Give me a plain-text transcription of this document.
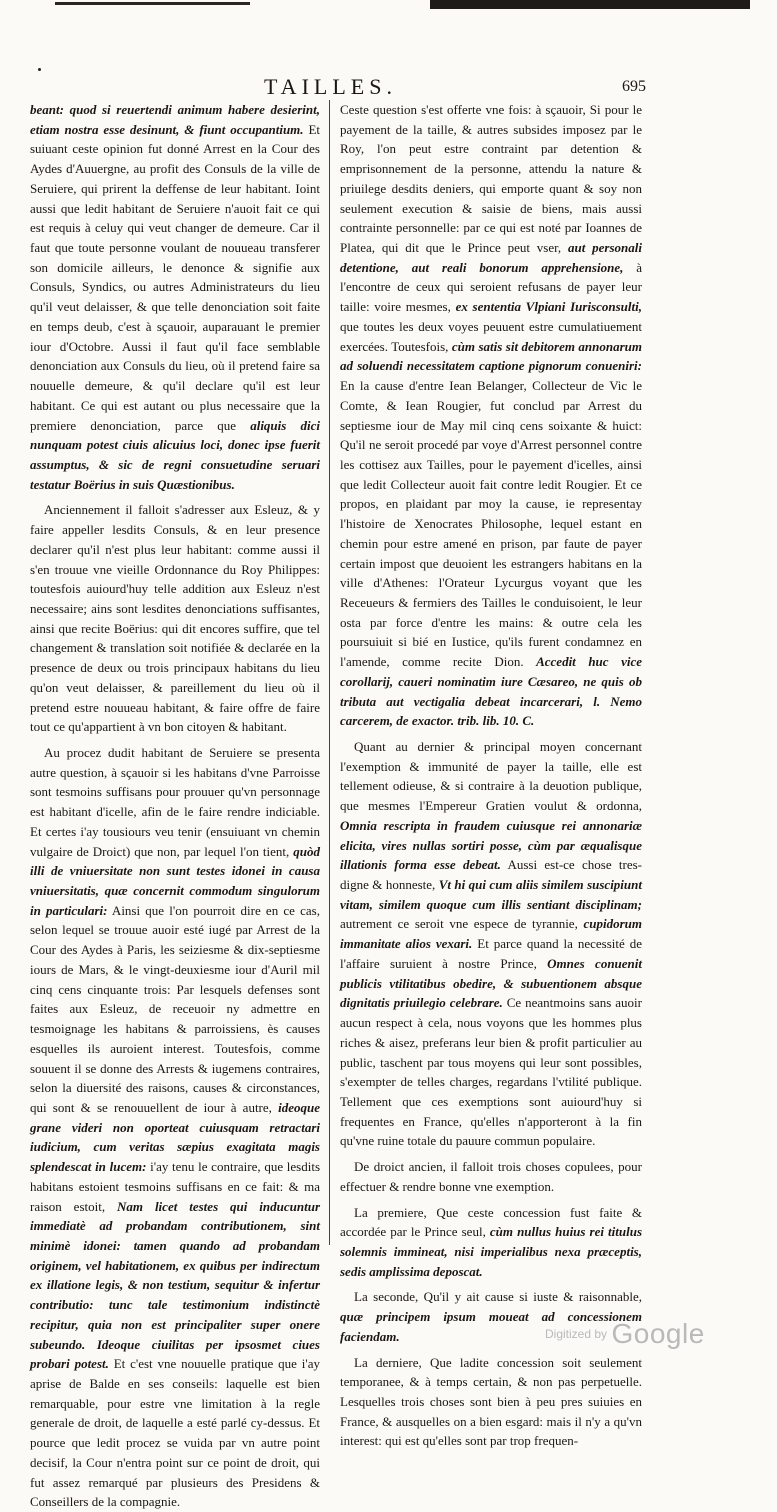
TAILLES.	695

beant: quod si reuertendi animum habere desierint, etiam nostra esse desinunt, & fiunt occupantium. Et suiuant ceste opinion fut donné Arrest en la Cour des Aydes d'Auuergne, au profit des Consuls de la ville de Seruiere, qui prirent la deffense de leur habitant. Ioint aussi que ledit habitant de Seruiere n'auoit fait ce qui est requis à celuy qui veut changer de demeure. Car il faut que toute personne voulant de nouueau transferer son domicile ailleurs, le denonce & signifie aux Consuls, Syndics, ou autres Administrateurs du lieu qu'il veut delaisser, & que telle denonciation soit faite en temps deub, c'est à sçauoir, auparauant le premier iour d'Octobre. Aussi il faut qu'il face semblable denonciation aux Consuls du lieu, où il pretend faire sa nouuelle demeure, & qu'il declare qu'il est leur habitant. Ce qui est autant ou plus necessaire que la premiere denonciation, parce que aliquis dici nunquam potest ciuis alicuius loci, donec ipse fuerit assumptus, & sic de regni consuetudine seruari testatur Boërius in suis Quæstionibus.

Anciennement il falloit s'adresser aux Esleuz, & y faire appeller lesdits Consuls, & en leur presence declarer qu'il n'est plus leur habitant: comme aussi il s'en trouue vne vieille Ordonnance du Roy Philippes: toutesfois auiourd'huy telle addition aux Esleuz n'est necessaire; ains sont lesdites denonciations suffisantes, ainsi que recite Boërius: qui dit encores suffire, que tel changement & translation soit notifiée & declarée en la presence de deux ou trois principaux habitans du lieu qu'on veut delaisser, & pareillement du lieu où il pretend estre nouueau habitant, & faire offre de faire tout ce qu'appartient à vn bon citoyen & habitant.

Au procez dudit habitant de Seruiere se presenta autre question, à sçauoir si les habitans d'vne Parroisse sont tesmoins suffisans pour prouuer qu'vn personnage est habitant d'icelle, afin de le faire rendre indiciable. Et certes i'ay tousiours veu tenir (ensuiuant vn chemin vulgaire de Droict) que non, par lequel l'on tient, quòd illi de vniuersitate non sunt testes idonei in causa vniuersitatis, quæ concernit commodum singulorum in particulari: Ainsi que l'on pourroit dire en ce cas, selon lequel se trouue auoir esté iugé par Arrest de la Cour des Aydes à Paris, les seiziesme & dix-septiesme iours de Mars, & le vingt-deuxiesme iour d'Auril mil cinq cens cinquante trois: Par lesquels defenses sont faites aux Esleuz, de receuoir ny admettre en tesmoignage les habitans & parroissiens, ès causes esquelles ils auroient interest. Toutesfois, comme souuent il se donne des Arrests & iugemens contraires, selon la diuersité des raisons, causes & circonstances, qui sont & se renouuellent de iour à autre, ideoque grane videri non oporteat cuiusquam retractari iudicium, cum veritas sæpius exagitata magis splendescat in lucem: i'ay tenu le contraire, que lesdits habitans estoient tesmoins suffisans en ce fait: & ma raison estoit, Nam licet testes qui inducuntur immediatè ad probandam contributionem, sint minimè idonei: tamen quando ad probandam originem, vel habitationem, ex quibus per indirectum ex illatione legis, & non testium, sequitur & infertur contributio: tunc tale testimonium indistinctè recipitur, quia non est principaliter super onere subeundo. Ideoque ciuilitas per ipsosmet ciues probari potest. Et c'est vne nouuelle pratique que i'ay aprise de Balde en ses conseils: laquelle est bien remarquable, pour estre vne limitation à la regle generale de droit, de laquelle a esté parlé cy-dessus. Et pource que ledit procez se vuida par vn autre point decisif, la Cour n'entra point sur ce point de droit, qui fut assez remarqué par plusieurs des Presidens & Conseillers de la compagnie.

Ceste question s'est offerte vne fois: à sçauoir, Si pour le payement de la taille, & autres subsides imposez par le Roy, l'on peut estre contraint par detention & emprisonnement de la personne, attendu la nature & priuilege desdits deniers, qui emporte quant & soy non seulement execution & saisie de biens, mais aussi contrainte personnelle: par ce qui est noté par Ioannes de Platea, qui dit que le Prince peut vser, aut personali detentione, aut reali bonorum apprehensione, à l'encontre de ceux qui seroient refusans de payer leur taille: voire mesmes, ex sententia Vlpiani Iurisconsulti, que toutes les deux voyes peuuent estre cumulatiuement exercées. Toutesfois, cùm satis sit debitorem annonarum ad soluendi necessitatem captione pignorum conueniri: En la cause d'entre Iean Belanger, Collecteur de Vic le Comte, & Iean Rougier, fut conclud par Arrest du septiesme iour de May mil cinq cens soixante & huict: Qu'il ne seroit procedé par voye d'Arrest personnel contre les cottisez aux Tailles, pour le payement d'icelles, ainsi que ledit Collecteur auoit fait contre ledit Rougier. Et ce propos, en plaidant par moy la cause, ie representay l'histoire de Xenocrates Philosophe, lequel estant en chemin pour estre amené en prison, par faute de payer certain impost que deuoient les estrangers habitans en la ville d'Athenes: l'Orateur Lycurgus voyant que les Receueurs & fermiers des Tailles le conduisoient, le leur osta par force d'entre les mains: & outre cela les poursuiuit si bié en Iustice, qu'ils furent condamnez en l'amende, comme recite Dion. Accedit huc vice corollarij, caueri nominatim iure Cæsareo, ne quis ob tributa aut vectigalia debeat incarcerari, l. Nemo carcerem, de exactor. trib. lib. 10. C.

Quant au dernier & principal moyen concernant l'exemption & immunité de payer la taille, elle est tellement odieuse, & si contraire à la deuotion publique, que mesmes l'Empereur Gratien voulut & ordonna, Omnia rescripta in fraudem cuiusque rei annonariæ elicita, vires nullas sortiri posse, cùm par æqualisque illationis forma esse debeat. Aussi est-ce chose tres-digne & honneste, Vt hi qui cum aliis similem suscipiunt vitam, similem quoque cum illis sentiant disciplinam; autrement ce seroit vne espece de tyrannie, cupidorum immanitate alios vexari. Et parce quand la necessité de l'affaire suruient à nostre Prince, Omnes conuenit publicis vtilitatibus obedire, & subuentionem absque dignitatis priuilegio celebrare. Ce neantmoins sans auoir aucun respect à cela, nous voyons que les hommes plus riches & aisez, preferans leur bien & profit particulier au public, taschent par tous moyens qui leur sont possibles, s'exempter de telles charges, regardans l'vtilité publique. Tellement que ces exemptions sont auiourd'huy si frequentes en France, qu'elles n'apporteront à la fin qu'vne ruine totale du pauure commun populaire.

De droict ancien, il falloit trois choses copulees, pour effectuer & rendre bonne vne exemption.

La premiere, Que ceste concession fust faite & accordée par le Prince seul, cùm nullus huius rei titulus solemnis immineat, nisi imperialibus nexa præceptis, sedis amplissima deposcat.

La seconde, Qu'il y ait cause si iuste & raisonnable, quæ principem ipsum moueat ad concessionem faciendam.

La derniere, Que ladite concession soit seulement temporanee, & à temps certain, & non pas perpetuelle. Lesquelles trois choses sont bien à peu pres suiuies en France, & ausquelles on a bien esgard: mais il n'y a qu'vn interest: qui est qu'elles sont par trop frequen-

Digitized by Google
